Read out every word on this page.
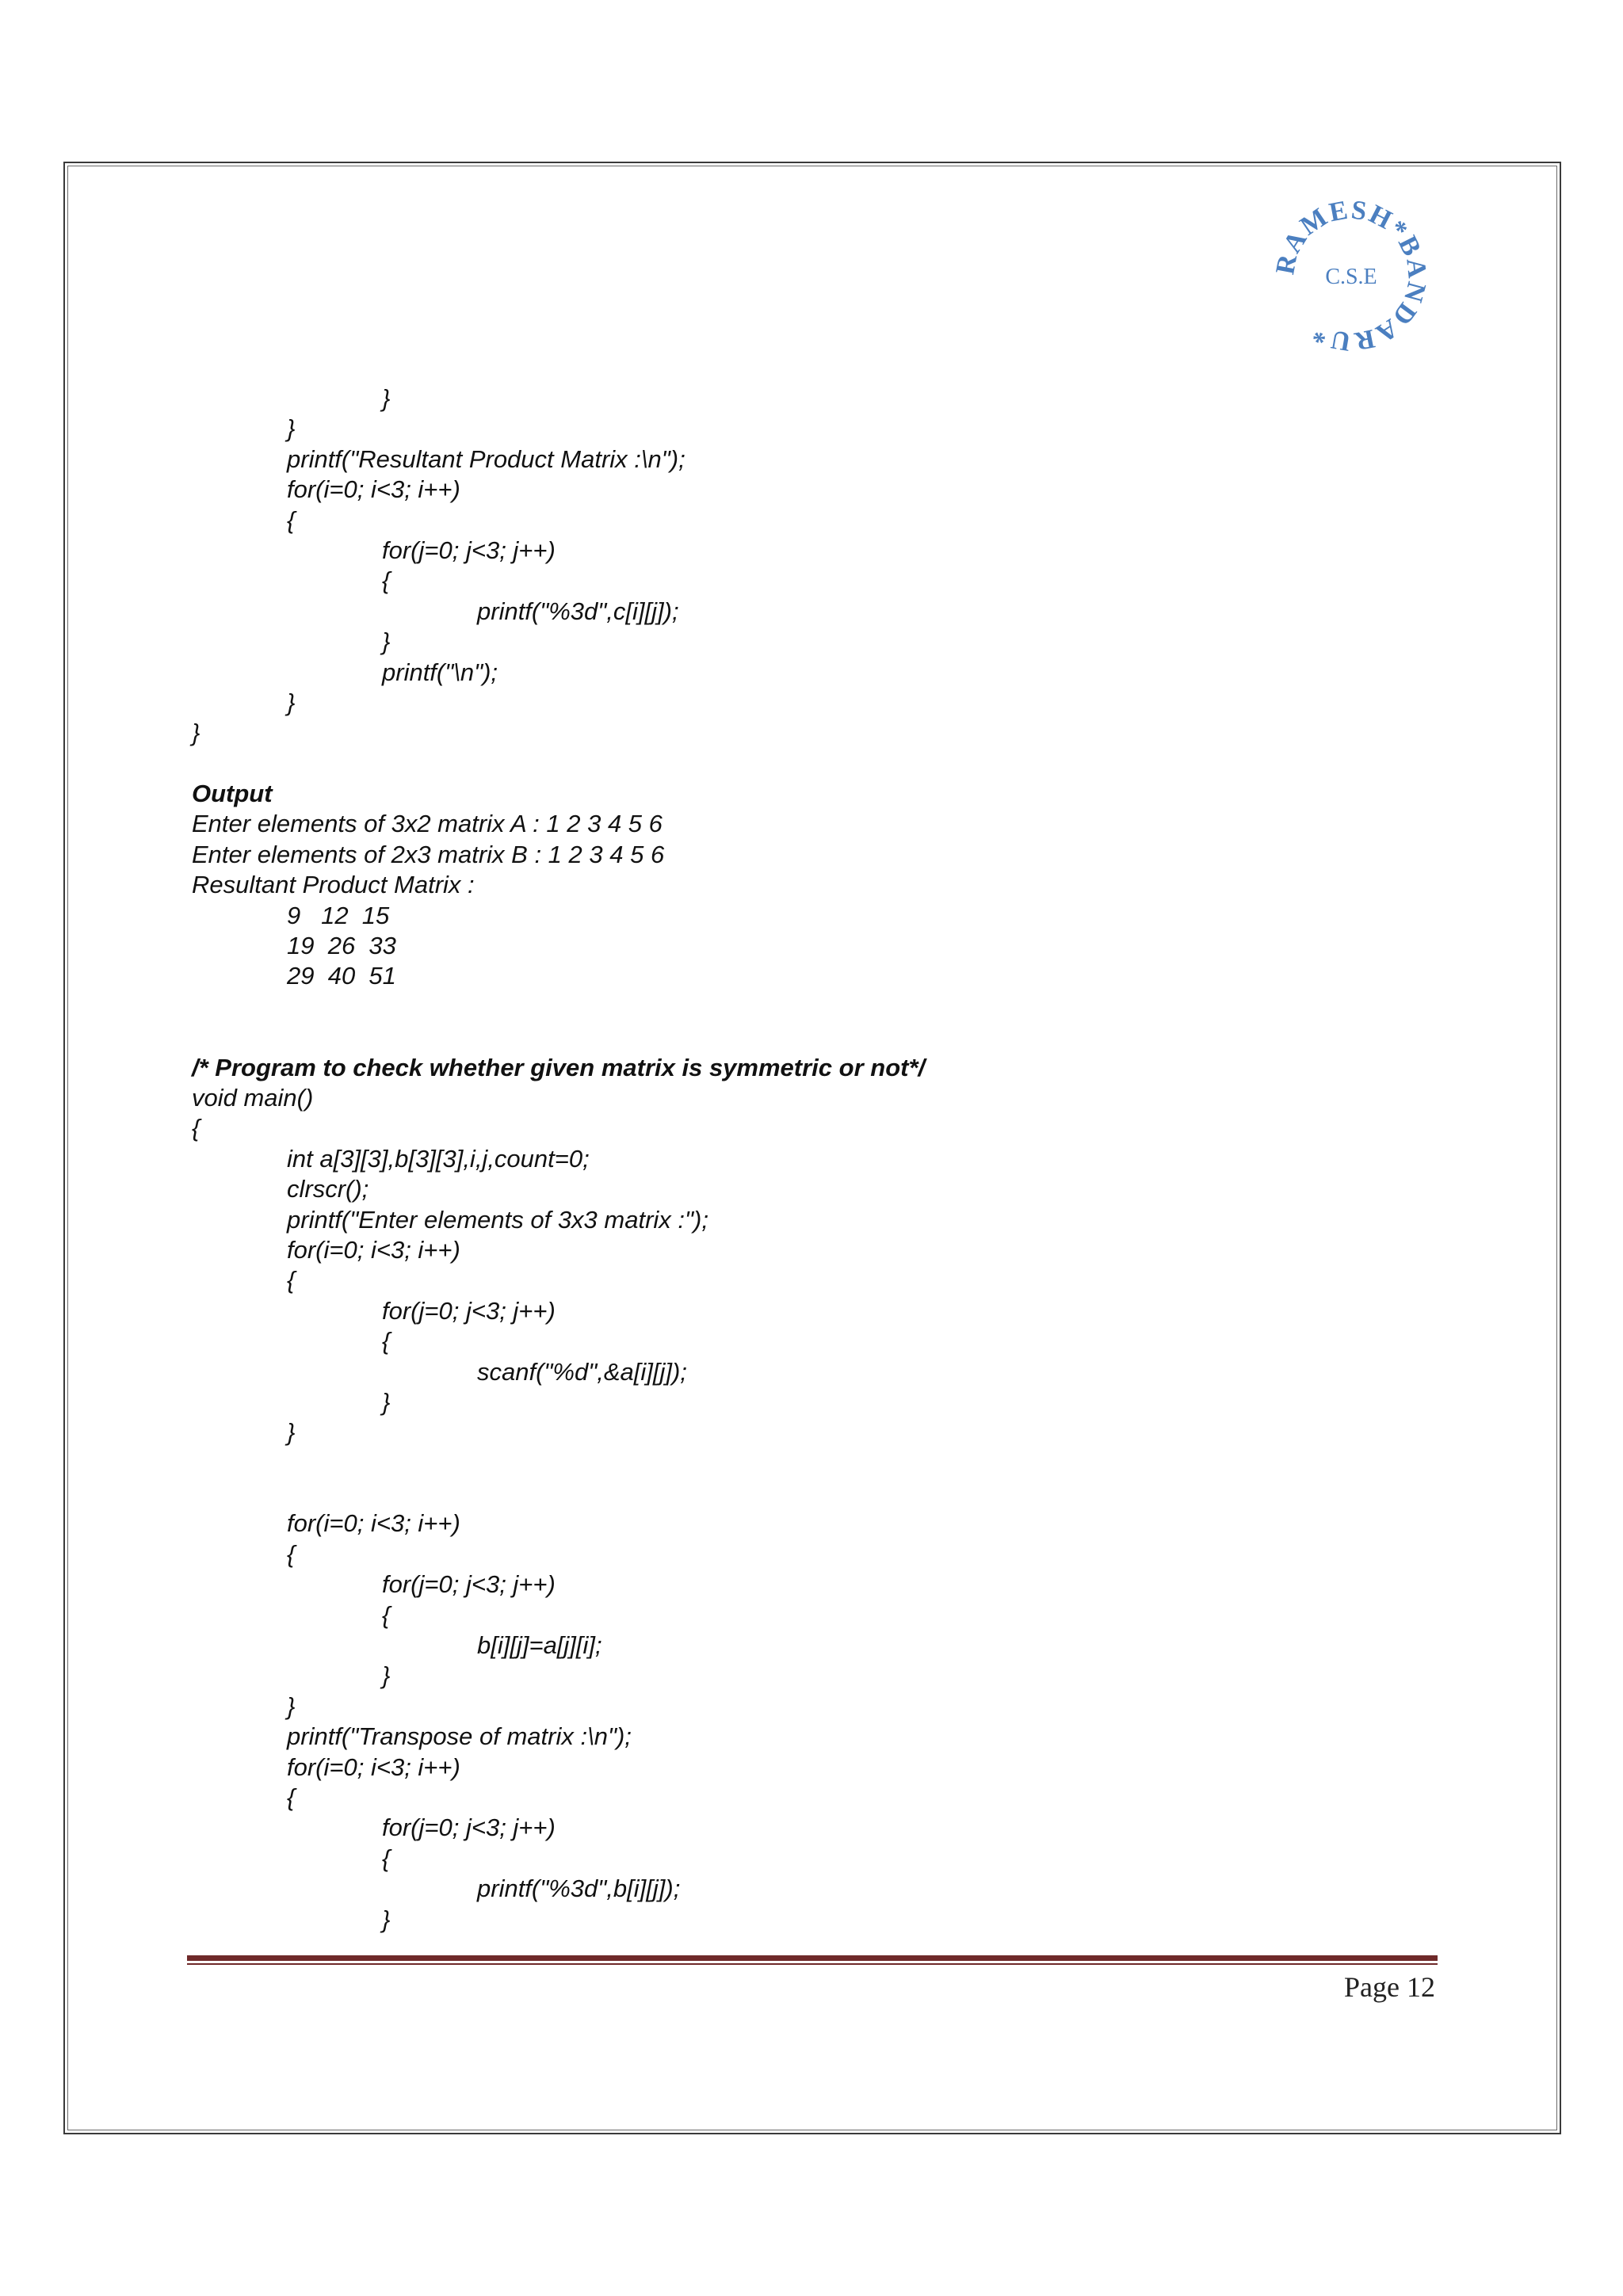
RAMESH*BANDARU*
C.S.E
}
}
printf("Resultant Product Matrix :\n");
for(i=0; i<3; i++)
{
for(j=0; j<3; j++)
{
printf("%3d",c[i][j]);
}
printf("\n");
}
}
Output
Enter elements of 3x2 matrix A : 1 2 3 4 5 6
Enter elements of 2x3 matrix B : 1 2 3 4 5 6
Resultant Product Matrix :
9   12  15
19  26  33
29  40  51
/* Program to check whether given matrix is symmetric or not*/
void main()
{
int a[3][3],b[3][3],i,j,count=0;
clrscr();
printf("Enter elements of 3x3 matrix :");
for(i=0; i<3; i++)
{
for(j=0; j<3; j++)
{
scanf("%d",&a[i][j]);
}
}
for(i=0; i<3; i++)
{
for(j=0; j<3; j++)
{
b[i][j]=a[j][i];
}
}
printf("Transpose of matrix :\n");
for(i=0; i<3; i++)
{
for(j=0; j<3; j++)
{
printf("%3d",b[i][j]);
}
Page 12
